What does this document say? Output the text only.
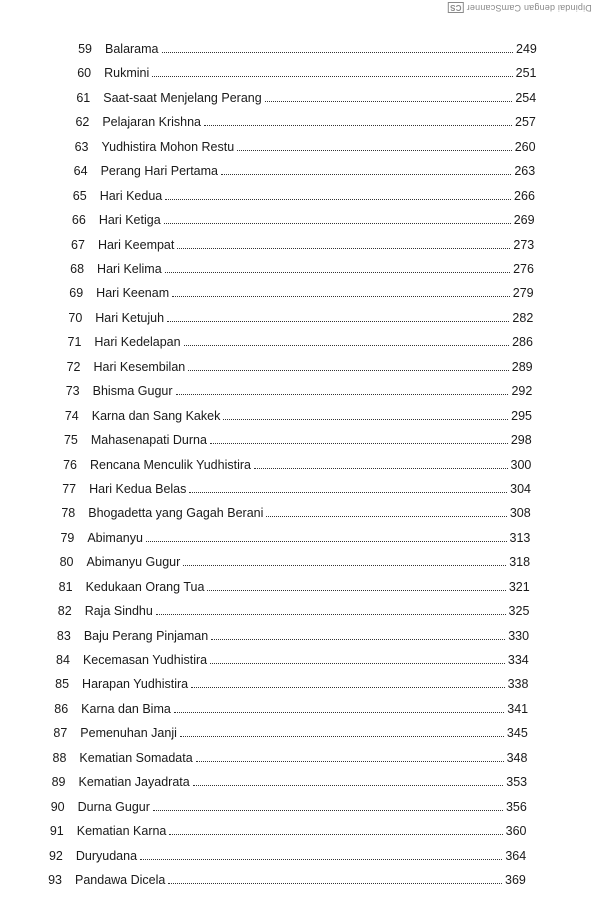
Dipindai dengan CamScannerCS
59 Balarama	249
60 Rukmini	251
61 Saat-saat Menjelang Perang	254
62 Pelajaran Krishna	257
63 Yudhistira Mohon Restu	260
64 Perang Hari Pertama	263
65 Hari Kedua	266
66 Hari Ketiga	269
67 Hari Keempat	273
68 Hari Kelima	276
69 Hari Keenam	279
70 Hari Ketujuh	282
71 Hari Kedelapan	286
72 Hari Kesembilan	289
73 Bhisma Gugur	292
74 Karna dan Sang Kakek	295
75 Mahasenapati Durna	298
76 Rencana Menculik Yudhistira	300
77 Hari Kedua Belas	304
78 Bhogadetta yang Gagah Berani	308
79 Abimanyu	313
80 Abimanyu Gugur	318
81 Kedukaan Orang Tua	321
82 Raja Sindhu	325
83 Baju Perang Pinjaman	330
84 Kecemasan Yudhistira	334
85 Harapan Yudhistira	338
86 Karna dan Bima	341
87 Pemenuhan Janji	345
88 Kematian Somadata	348
89 Kematian Jayadrata	353
90 Durna Gugur	356
91 Kematian Karna	360
92 Duryudana	364
93 Pandawa Dicela	369
